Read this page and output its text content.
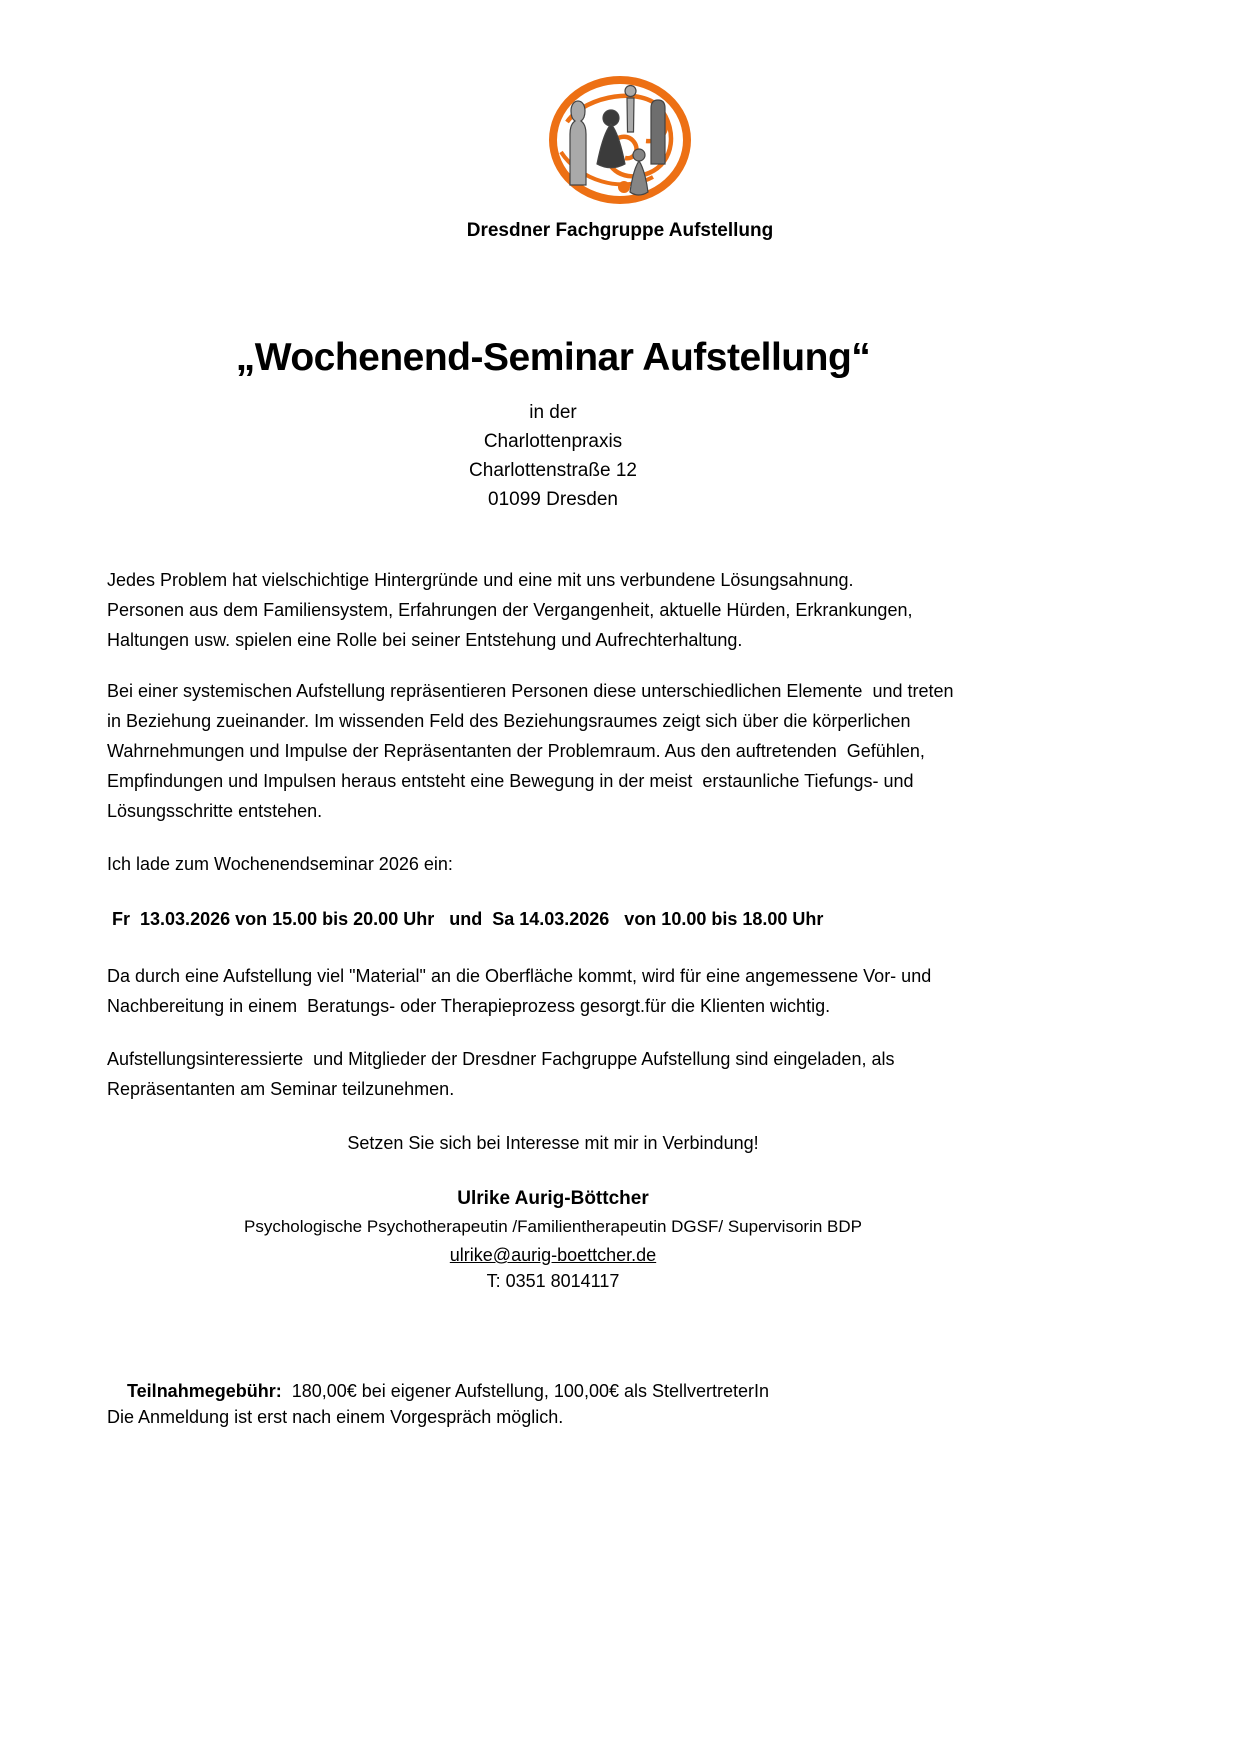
Dresdner Fachgruppe Aufstellung
„Wochenend-Seminar Aufstellung“
in der
Charlottenpraxis
Charlottenstraße 12
01099 Dresden
Jedes Problem hat vielschichtige Hintergründe und eine mit uns verbundene Lösungsahnung.
Personen aus dem Familiensystem, Erfahrungen der Vergangenheit, aktuelle Hürden, Erkrankungen,
Haltungen usw. spielen eine Rolle bei seiner Entstehung und Aufrechterhaltung.
Bei einer systemischen Aufstellung repräsentieren Personen diese unterschiedlichen Elemente  und treten
in Beziehung zueinander. Im wissenden Feld des Beziehungsraumes zeigt sich über die körperlichen
Wahrnehmungen und Impulse der Repräsentanten der Problemraum. Aus den auftretenden  Gefühlen,
Empfindungen und Impulsen heraus entsteht eine Bewegung in der meist  erstaunliche Tiefungs- und
Lösungsschritte entstehen.
Ich lade zum Wochenendseminar 2026 ein:
Fr  13.03.2026 von 15.00 bis 20.00 Uhr   und  Sa 14.03.2026   von 10.00 bis 18.00 Uhr
Da durch eine Aufstellung viel "Material" an die Oberfläche kommt, wird für eine angemessene Vor- und
Nachbereitung in einem  Beratungs- oder Therapieprozess gesorgt.für die Klienten wichtig.
Aufstellungsinteressierte  und Mitglieder der Dresdner Fachgruppe Aufstellung sind eingeladen, als
Repräsentanten am Seminar teilzunehmen.
Setzen Sie sich bei Interesse mit mir in Verbindung!
Ulrike Aurig-Böttcher
Psychologische Psychotherapeutin /Familientherapeutin DGSF/ Supervisorin BDP
ulrike@aurig-boettcher.de
T: 0351 8014117

Teilnahmegebühr:  180,00€ bei eigener Aufstellung, 100,00€ als StellvertreterIn

Die Anmeldung ist erst nach einem Vorgespräch möglich.
